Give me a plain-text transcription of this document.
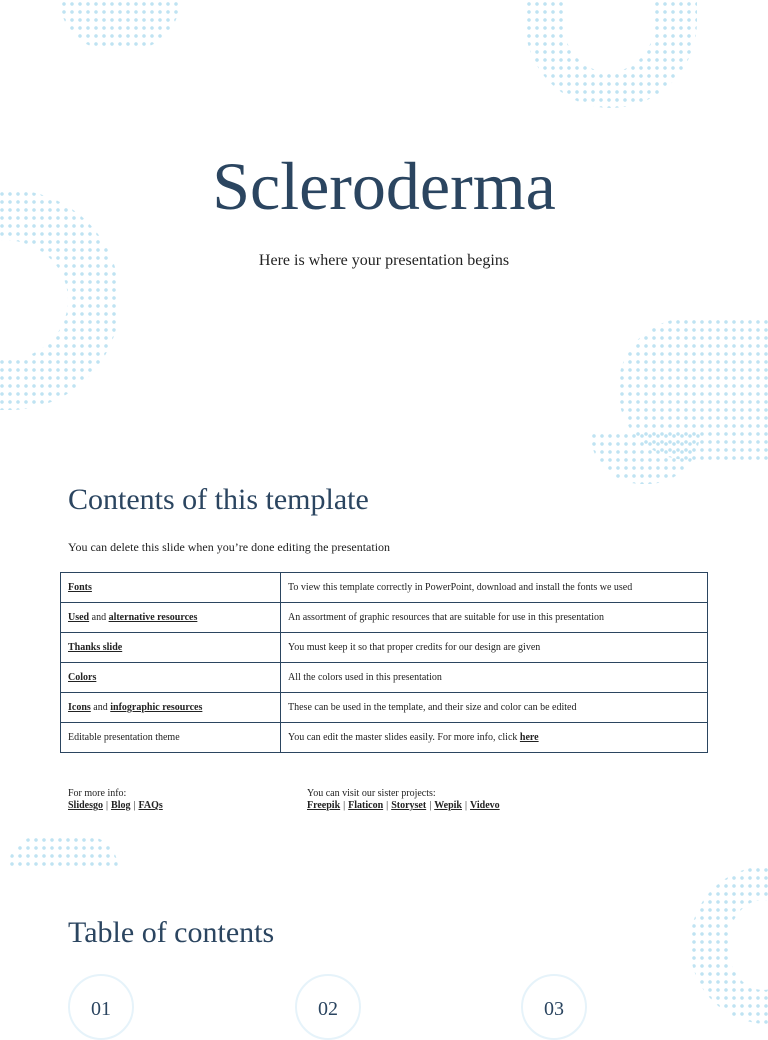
Scleroderma
Here is where your presentation begins
Contents of this template
You can delete this slide when you’re done editing the presentation
Fonts	To view this template correctly in PowerPoint, download and install the fonts we used
Used and alternative resources	An assortment of graphic resources that are suitable for use in this presentation
Thanks slide	You must keep it so that proper credits for our design are given
Colors	All the colors used in this presentation
Icons and infographic resources	These can be used in the template, and their size and color can be edited
Editable presentation theme	You can edit the master slides easily. For more info, click here
For more info:
Slidesgo | Blog | FAQs
You can visit our sister projects:
Freepik | Flaticon | Storyset | Wepik | Videvo
Table of contents
01	02	03
